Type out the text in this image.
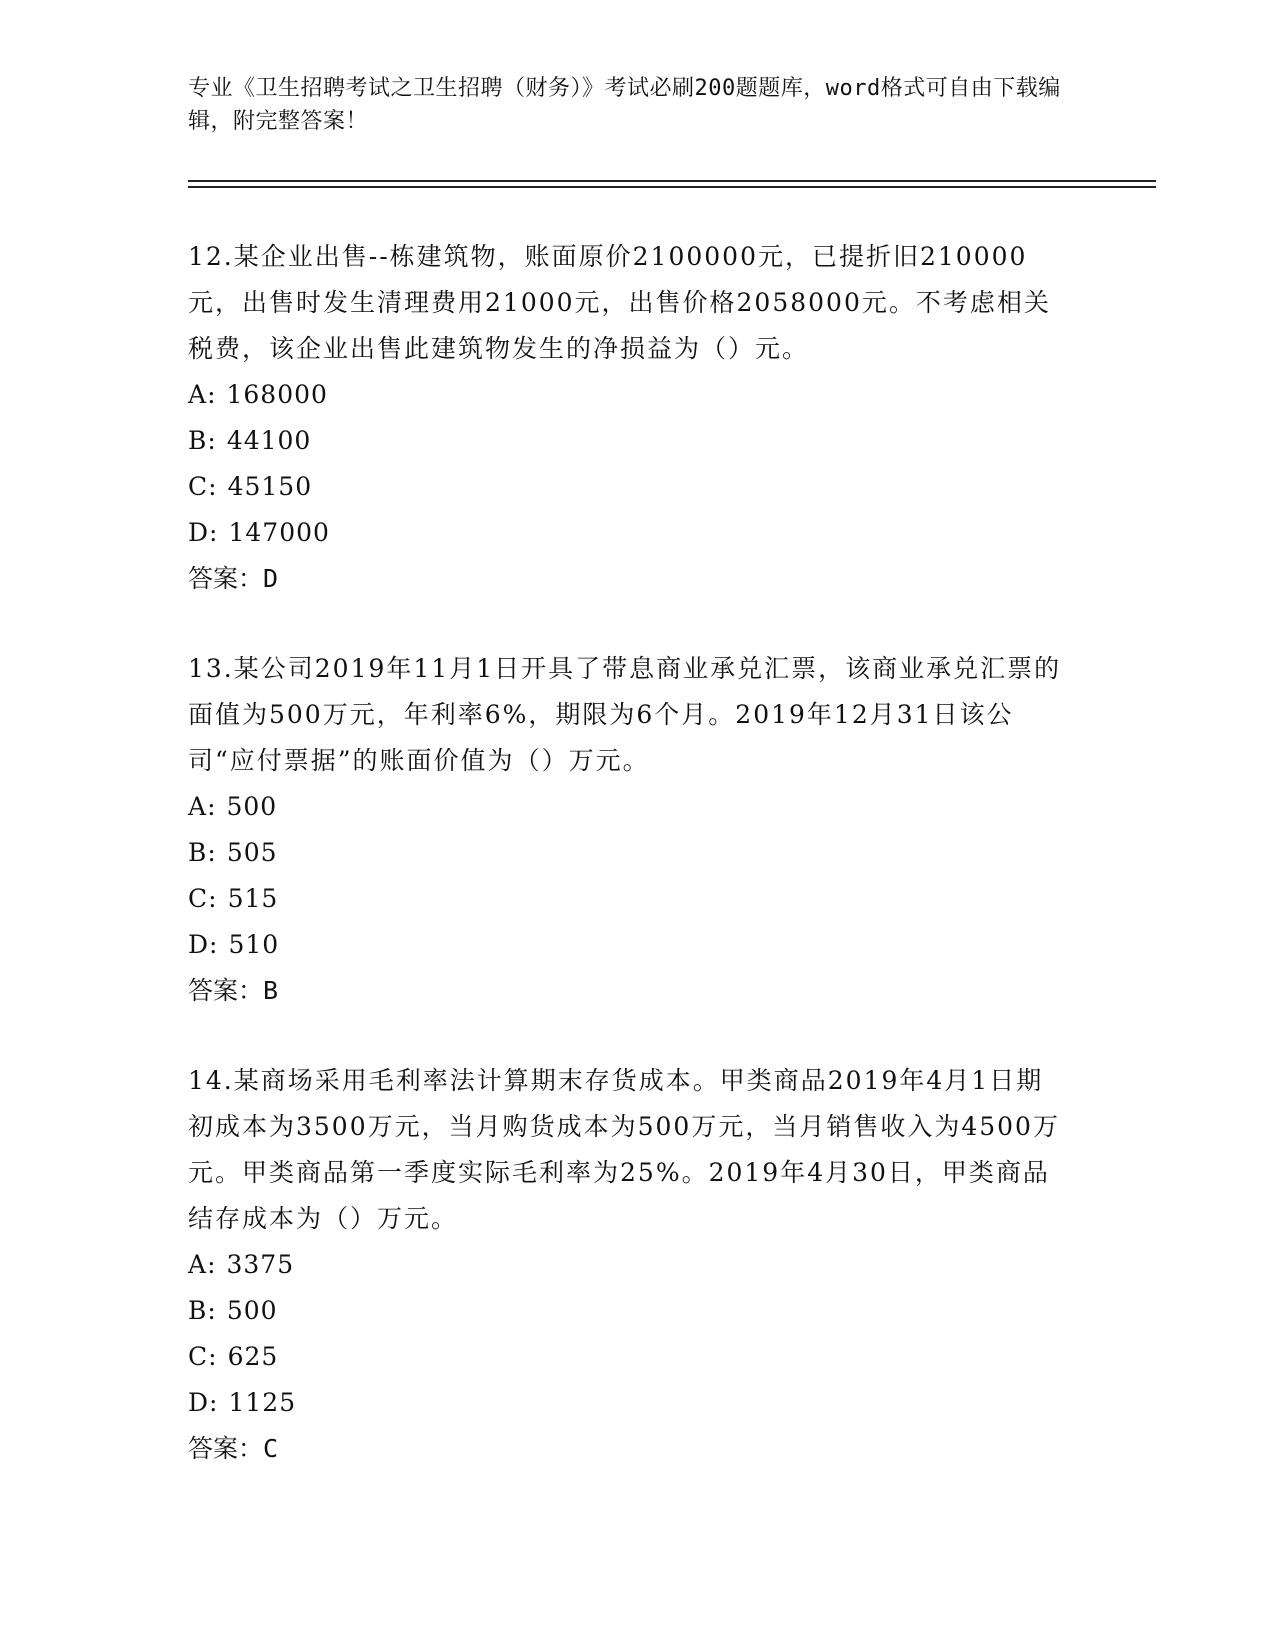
专业《卫生招聘考试之卫生招聘（财务）》考试必刷200题题库，word格式可自由下载编辑，附完整答案！
12.某企业出售--栋建筑物，账面原价2100000元，已提折旧210000元，出售时发生清理费用21000元，出售价格2058000元。不考虑相关税费，该企业出售此建筑物发生的净损益为（）元。
A: 168000
B: 44100
C: 45150
D: 147000
答案：D
13.某公司2019年11月1日开具了带息商业承兑汇票，该商业承兑汇票的面值为500万元，年利率6%，期限为6个月。2019年12月31日该公司“应付票据”的账面价值为（）万元。
A: 500
B: 505
C: 515
D: 510
答案：B
14.某商场采用毛利率法计算期末存货成本。甲类商品2019年4月1日期初成本为3500万元，当月购货成本为500万元，当月销售收入为4500万元。甲类商品第一季度实际毛利率为25%。2019年4月30日，甲类商品结存成本为（）万元。
A: 3375
B: 500
C: 625
D: 1125
答案：C
